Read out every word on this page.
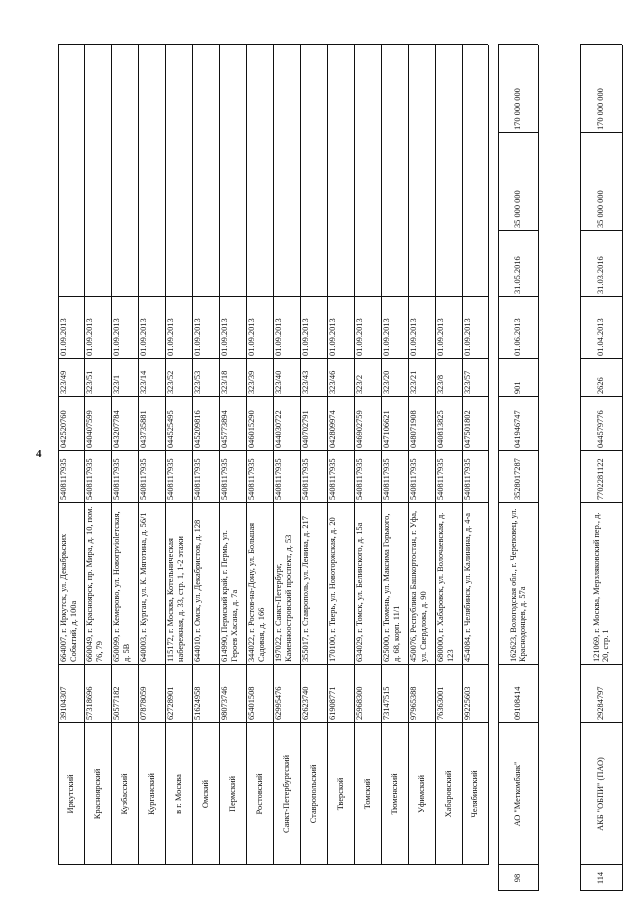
4
Иркутский
39104307
664007, г. Иркутск, ул. Декабрьских Событий, д. 100а
5408117935
042520760
323/49
01.09.2013
Красноярский
57318696
660049, г. Красноярск, пр. Мира, д. 10, пом. 76, 79
5408117935
040407599
323/51
01.09.2013
Кузбасский
50577182
650099, г. Кемерово, ул. Новогрviolетская, д. 5В
5408117935
043207784
323/1
01.09.2013
Курганский
07878059
640003, г. Курган, ул. К. Мяготина, д. 56/1
5408117935
043735881
323/14
01.09.2013
в г. Москва
62728901
115172, г. Москва, Котельническая набережная, д. 33, стр. 1, 1-2 этажи
5408117935
044525495
323/52
01.09.2013
Омский
51624958
644010, г. Омск, ул. Декабристов, д. 128
5408117935
045209816
323/53
01.09.2013
Пермский
98073746
614990, Пермский край, г. Пермь, ул. Героев Хасана, д. 7а
5408117935
045773894
323/18
01.09.2013
Ростовский
65401508
344022, г. Ростов-на-Дону, ул. Большая Садовая, д. 166
5408117935
046015290
323/39
01.09.2013
Санкт-Петербургский
62995476
197022, г. Санкт-Петербург, Каменноостровский проспект, д. 53
5408117935
044030722
323/40
01.09.2013
Ставропольский
62623740
355017, г. Ставрополь, ул. Ленина, д. 217
5408117935
040702791
323/43
01.09.2013
Тверской
61908771
170100, г. Тверь, ул. Новоторжская, д. 20
5408117935
042809974
323/46
01.09.2013
Томский
25968300
634029, г. Томск, ул. Белинского, д. 15а
5408117935
046902759
323/2
01.09.2013
Тюменский
73147515
625000, г. Тюмень, ул. Максима Горького, д. 68, корп. 11/1
5408117935
047106621
323/20
01.09.2013
Уфимский
97965388
450076, Республика Башкортостан, г. Уфа, ул. Свердлова, д. 90
5408117935
048071908
323/21
01.09.2013
Хабаровский
76363001
680000, г. Хабаровск, ул. Волочаевская, д. 123
5408117935
040813825
323/8
01.09.2013
Челябинский
99225603
454084, г. Челябинск, ул. Калинина, д. 4-а
5408117935
047501802
323/57
01.09.2013
98
АО "Меткомбанк"
09108414
162623, Вологодская обл., г. Череповец, ул. Краснодонцев, д. 57а
3528017287
041946747
901
01.06.2013
31.05.2016
35 000 000
170 000 000
114
АКБ "ОБПИ" (ПАО)
29284797
121069, г. Москва, Мерзляковский пер., д. 20, стр. 1
7702281122
044579776
2626
01.04.2013
31.03.2016
35 000 000
170 000 000
